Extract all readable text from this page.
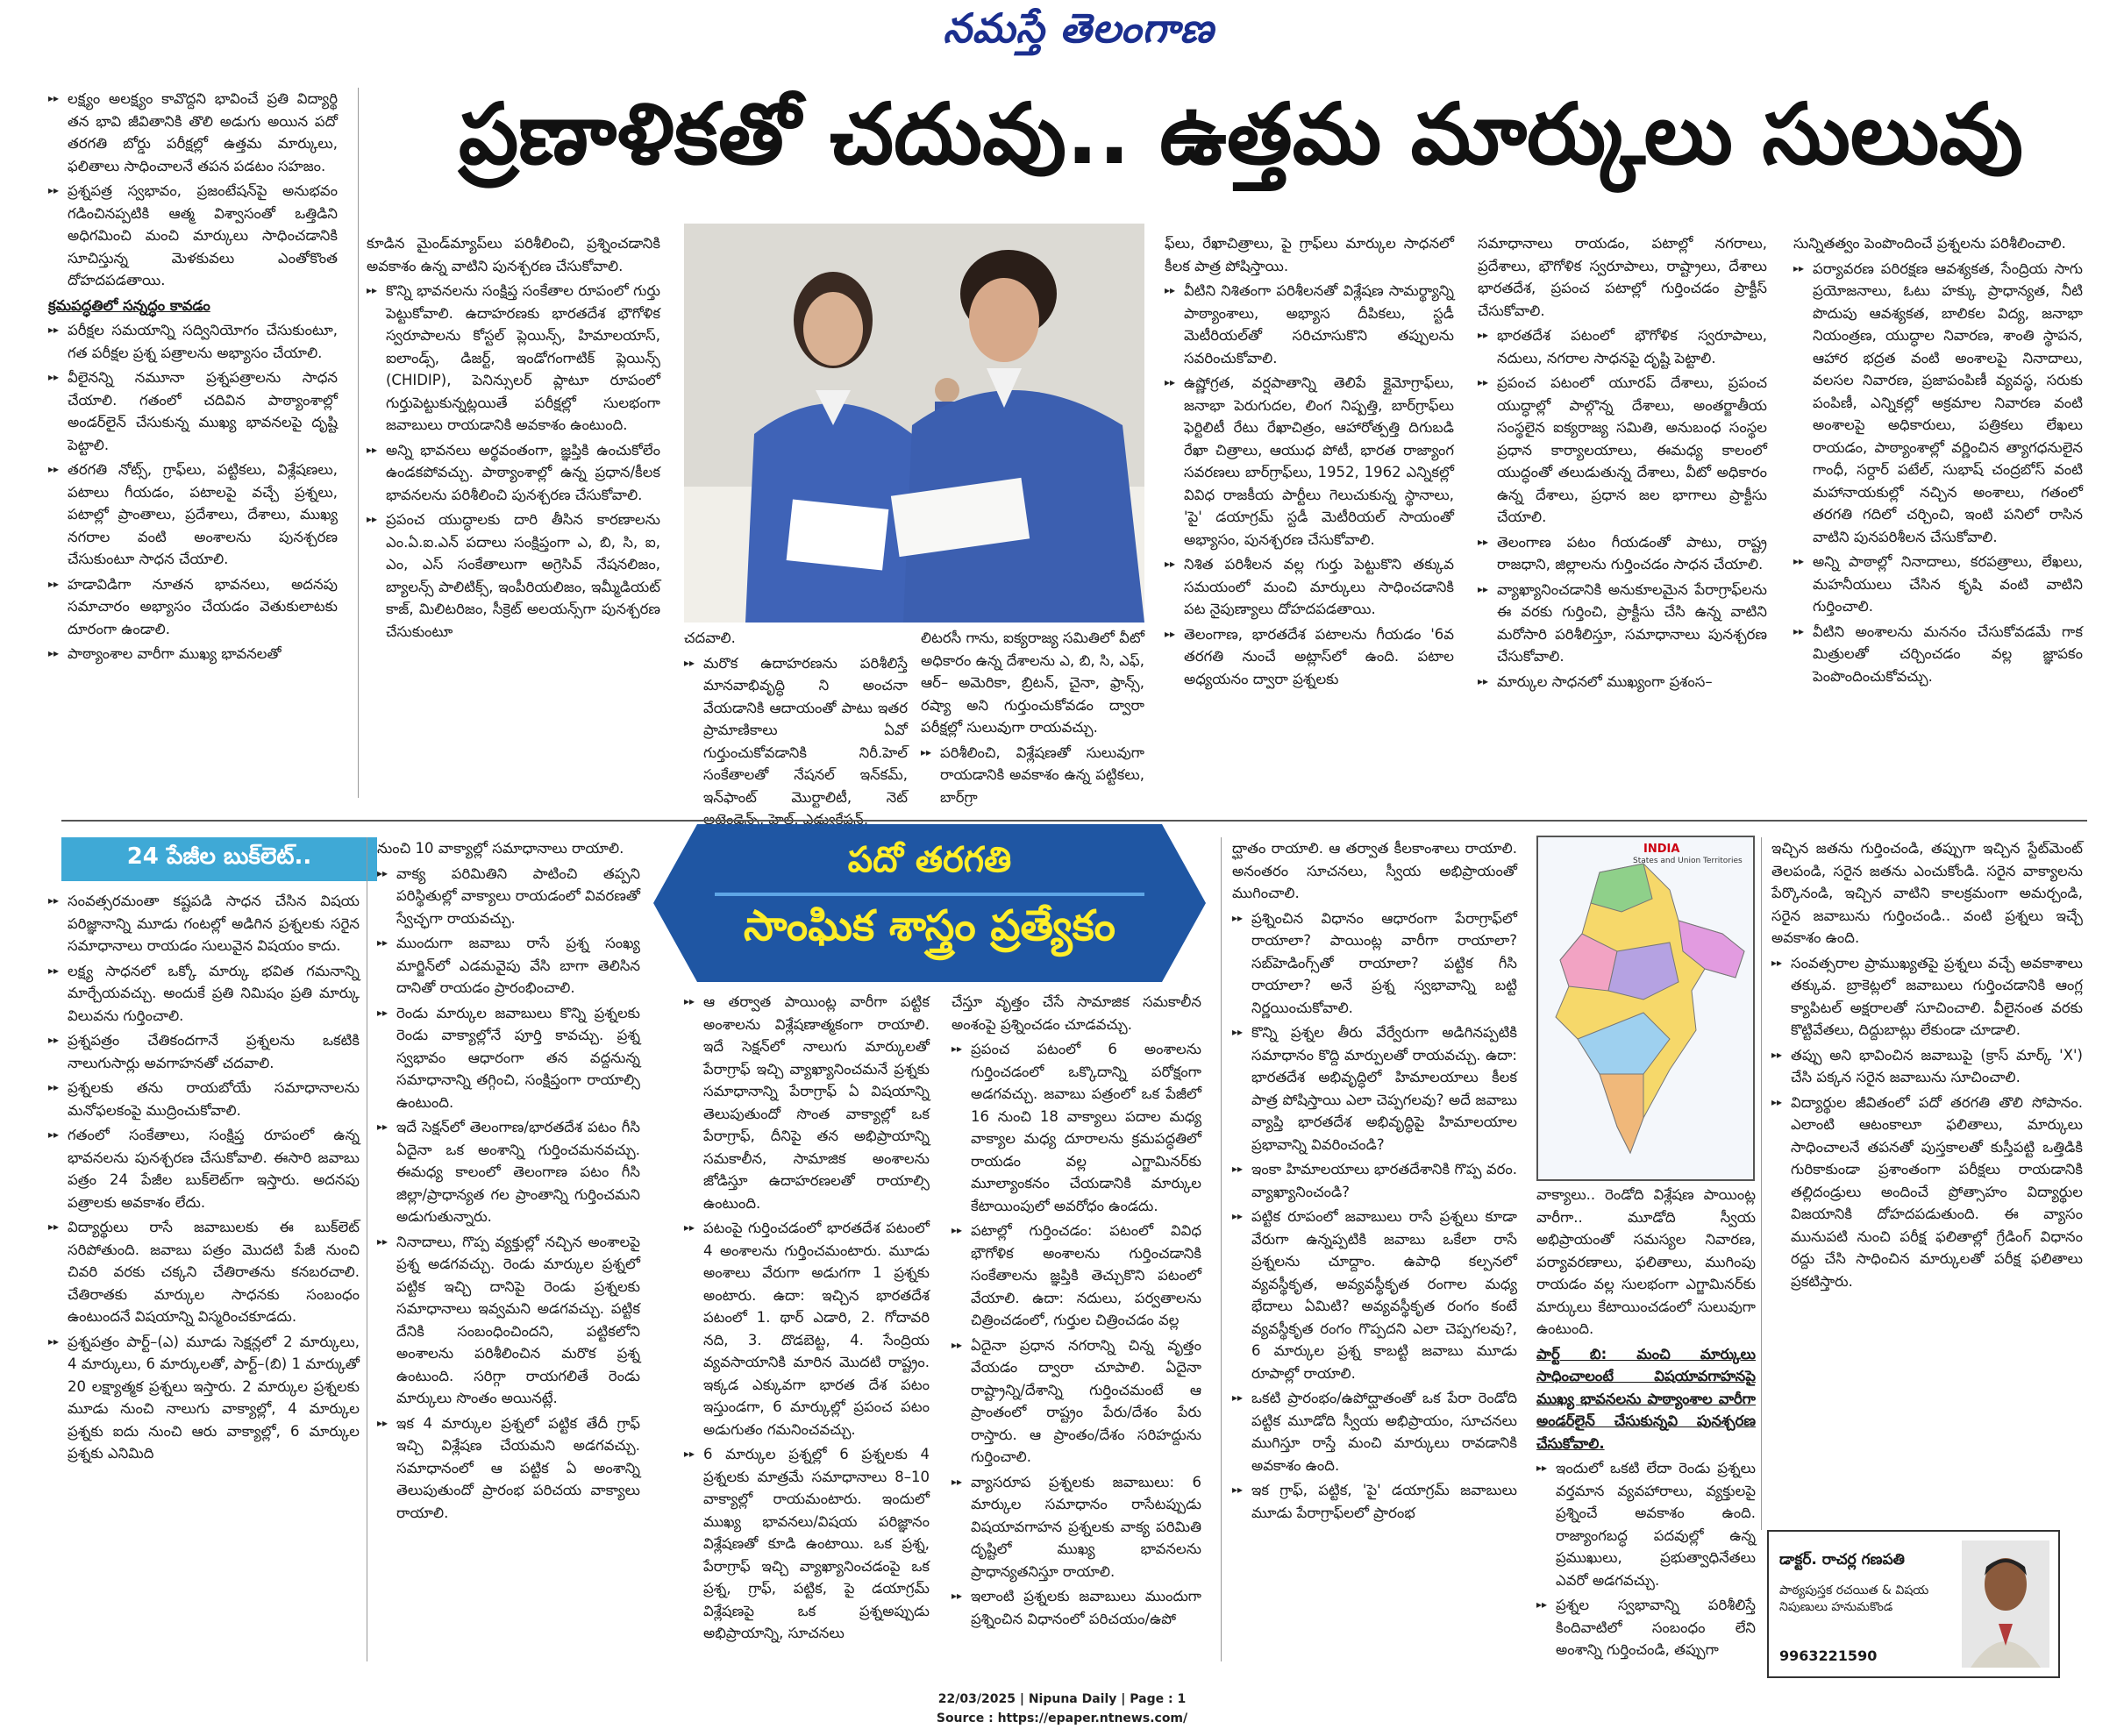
నమస్తే తెలంగాణ
ప్రణాళికతో చదువు.. ఉత్తమ మార్కులు సులువు

▸▸ లక్ష్యం అలక్ష్యం కావొద్దని భావించే ప్రతి విద్యార్థి తన భావి జీవితానికి తొలి అడుగు అయిన పదో తరగతి బోర్డు పరీక్షల్లో ఉత్తమ మార్కులు, ఫలితాలు సాధించాలనే తపన పడటం సహజం.

▸▸ ప్రశ్నపత్ర స్వభావం, ప్రజంటేషన్‌పై అనుభవం గడించినప్పటికి ఆత్మ విశ్వాసంతో ఒత్తిడిని అధిగమించి మంచి మార్కులు సాధించడానికి సూచిస్తున్న మెళకువలు ఎంతోకొంత దోహదపడతాయి.

క్రమపద్ధతిలో సన్నద్ధం కావడం

▸▸ పరీక్షల సమయాన్ని సద్వినియోగం చేసుకుంటూ, గత పరీక్షల ప్రశ్న పత్రాలను అభ్యాసం చేయాలి.

▸▸ వీలైనన్ని నమూనా ప్రశ్నపత్రాలను సాధన చేయాలి. గతంలో చదివిన పాఠ్యాంశాల్లో అండర్‌లైన్ చేసుకున్న ముఖ్య భావనలపై దృష్టి పెట్టాలి.

▸▸ తరగతి నోట్స్, గ్రాఫ్‌లు, పట్టికలు, విశ్లేషణలు, పటాలు గీయడం, పటాలపై వచ్చే ప్రశ్నలు, పటాల్లో ప్రాంతాలు, ప్రదేశాలు, దేశాలు, ముఖ్య నగరాల వంటి అంశాలను పునశ్చరణ చేసుకుంటూ సాధన చేయాలి.

▸▸ హడావిడిగా నూతన భావనలు, అదనపు సమాచారం అభ్యాసం చేయడం వెతుకులాటకు దూరంగా ఉండాలి.

▸▸ పాఠ్యాంశాల వారీగా ముఖ్య భావనలతో

కూడిన మైండ్‌మ్యాప్‌లు పరిశీలించి, ప్రశ్నించడానికి అవకాశం ఉన్న వాటిని పునశ్చరణ చేసుకోవాలి.

▸▸ కొన్ని భావనలను సంక్షిప్త సంకేతాల రూపంలో గుర్తు పెట్టుకోవాలి. ఉదాహరణకు భారతదేశ భౌగోళిక స్వరూపాలను కోస్టల్ ప్లెయిన్స్, హిమాలయాస్, ఐలాండ్స్, డిజర్ట్, ఇండోగంగాటిక్ ప్లెయిన్స్ (CHIDIP), పెనిన్సులర్ ప్లాటూ రూపంలో గుర్తుపెట్టుకున్నట్లయితే పరీక్షల్లో సులభంగా జవాబులు రాయడానికి అవకాశం ఉంటుంది.

▸▸ అన్ని భావనలు అర్థవంతంగా, జ్ఞప్తికి ఉంచుకోలేం ఉండకపోవచ్చు. పాఠ్యాంశాల్లో ఉన్న ప్రధాన/కీలక భావనలను పరిశీలించి పునశ్చరణ చేసుకోవాలి.

▸▸ ప్రపంచ యుద్ధాలకు దారి తీసిన కారణాలను ఎం.ఏ.ఐ.ఎన్ పదాలు సంక్షిప్తంగా ఎ, బి, సి, ఐ, ఎం, ఎస్ సంకేతాలుగా అగ్రెసివ్ నేషనలిజం, బ్యాలన్స్ పాలిటిక్స్, ఇంపీరియలిజం, ఇమ్మీడియట్ కాజ్, మిలిటరిజం, సీక్రెట్ అలయన్స్‌గా పునశ్చరణ చేసుకుంటూ	చదవాలి.

▸▸ మరొక ఉదాహరణను పరిశీలిస్తే మానవాభివృద్ధి ని అంచనా వేయడానికి ఆదాయంతో పాటు ఇతర ప్రామాణికాలు ఏవో గుర్తుంచుకోవడానికి నిరీ.హెల్ సంకేతాలతో నేషనల్ ఇన్‌కమ్, ఇన్‌ఫాంట్ మొర్టాలిటీ, నెట్

లిటరసీ గాను, ఐక్యరాజ్య సమితిలో వీటో అధికారం ఉన్న దేశాలను ఎ, బి, సి, ఎఫ్, ఆర్– అమెరికా, బ్రిటన్, చైనా, ఫ్రాన్స్, రష్యా అని గుర్తుంచుకోవడం ద్వారా పరీక్షల్లో సులువుగా రాయవచ్చు.

▸▸ పరిశీలించి, విశ్లేషణతో సులువుగా రాయడానికి అవకాశం ఉన్న పట్టికలు, బార్‌గ్రా

ఫ్‌లు, రేఖాచిత్రాలు, పై గ్రాఫ్‌లు మార్కుల సాధనలో కీలక పాత్ర పోషిస్తాయి.

▸▸ వీటిని నిశితంగా పరిశీలనతో విశ్లేషణ సామర్థ్యాన్ని పాఠ్యాంశాలు, అభ్యాస దీపికలు, స్టడీ మెటీరియల్‌తో సరిచూసుకొని తప్పులను సవరించుకోవాలి.

▸▸ ఉష్ణోగ్రత, వర్షపాతాన్ని తెలిపే క్లైమోగ్రాఫ్‌లు, జనాభా పెరుగుదల, లింగ నిష్పత్తి, బార్‌గ్రాఫ్‌లు ఫెర్టిలిటీ రేటు రేఖాచిత్రం, ఆహారోత్పత్తి దిగుబడి రేఖా చిత్రాలు, ఆయుధ పోటీ, భారత రాజ్యాంగ సవరణలు బార్‌గ్రాఫ్‌లు, 1952, 1962 ఎన్నికల్లో వివిధ రాజకీయ పార్టీలు గెలుచుకున్న స్థానాలు, 'పై' డయాగ్రమ్ స్టడీ మెటీరియల్ సాయంతో అభ్యాసం, పునశ్చరణ చేసుకోవాలి.

▸▸ నిశిత పరిశీలన వల్ల గుర్తు పెట్టుకొని తక్కువ సమయంలో మంచి మార్కులు సాధించడానికి పట నైపుణ్యాలు దోహదపడతాయి.

▸▸ తెలంగాణ, భారతదేశ పటాలను గీయడం '6వ తరగతి నుంచే అట్లాస్‌లో ఉంది. పటాల అధ్యయనం ద్వారా ప్రశ్నలకు

సమాధానాలు రాయడం, పటాల్లో నగరాలు, ప్రదేశాలు, భౌగోళిక స్వరూపాలు, రాష్ట్రాలు, దేశాలు భారతదేశ, ప్రపంచ పటాల్లో గుర్తించడం ప్రాక్టీస్ చేసుకోవాలి.

▸▸ భారతదేశ పటంలో భౌగోళిక స్వరూపాలు, నదులు, నగరాల సాధనపై దృష్టి పెట్టాలి.

▸▸ ప్రపంచ పటంలో యూరప్ దేశాలు, ప్రపంచ యుద్ధాల్లో పాల్గొన్న దేశాలు, అంతర్జాతీయ సంస్థలైన ఐక్యరాజ్య సమితి, అనుబంధ సంస్థల ప్రధాన కార్యాలయాలు, ఈమధ్య కాలంలో యుద్ధంతో తలుడుతున్న దేశాలు, వీటో అధికారం ఉన్న దేశాలు, ప్రధాన జల భాగాలు ప్రాక్టీసు చేయాలి.

▸▸ తెలంగాణ పటం గీయడంతో పాటు, రాష్ట్ర రాజధాని, జిల్లాలను గుర్తించడం సాధన చేయాలి.

▸▸ వ్యాఖ్యానించడానికి అనుకూలమైన పేరాగ్రాఫ్‌లను ఈ వరకు గుర్తించి, ప్రాక్టీసు చేసి ఉన్న వాటిని మరోసారి పరిశీలిస్తూ, సమాధానాలు పునశ్చరణ చేసుకోవాలి.

▸▸ మార్కుల సాధనలో ముఖ్యంగా ప్రశంస–

సున్నితత్వం పెంపొందించే ప్రశ్నలను పరిశీలించాలి.

▸▸ పర్యావరణ పరిరక్షణ ఆవశ్యకత, సేంద్రియ సాగు ప్రయోజనాలు, ఓటు హక్కు ప్రాధాన్యత, నీటి పొదుపు ఆవశ్యకత, బాలికల విద్య, జనాభా నియంత్రణ, యుద్ధాల నివారణ, శాంతి స్థాపన, ఆహార భద్రత వంటి అంశాలపై నినాదాలు, వలసల నివారణ, ప్రజాపంపిణీ వ్యవస్థ, సరుకు పంపిణీ, ఎన్నికల్లో అక్రమాల నివారణ వంటి అంశాలపై అధికారులు, పత్రికలు లేఖలు రాయడం, పాఠ్యాంశాల్లో వర్ణించిన త్యాగధనులైన గాంధీ, సర్దార్ పటేల్, సుభాష్ చంద్రబోస్ వంటి మహానాయకుల్లో నచ్చిన అంశాలు, గతంలో తరగతి గదిలో చర్చించి, ఇంటి పనిలో రాసిన వాటిని పునపరిశీలన చేసుకోవాలి.

▸▸ అన్ని పాఠాల్లో నినాదాలు, కరపత్రాలు, లేఖలు, మహనీయులు చేసిన కృషి వంటి వాటిని గుర్తించాలి.

▸▸ వీటిని అంశాలను మననం చేసుకోవడమే గాక మిత్రులతో చర్చించడం వల్ల జ్ఞాపకం పెంపొందించుకోవచ్చు.

24 పేజీల బుక్‌లెట్..	పదో తరగతి
సాంఘిక శాస్త్రం ప్రత్యేకం

▸▸ సంవత్సరమంతా కష్టపడి సాధన చేసిన విషయ పరిజ్ఞానాన్ని మూడు గంటల్లో అడిగిన ప్రశ్నలకు సరైన సమాధానాలు రాయడం సులువైన విషయం కాదు.

▸▸ లక్ష్య సాధనలో ఒక్కో మార్కు భవిత గమనాన్ని మార్చేయవచ్చు. అందుకే ప్రతి నిమిషం ప్రతి మార్కు విలువను గుర్తించాలి.

▸▸ ప్రశ్నపత్రం చేతికందగానే ప్రశ్నలను ఒకటికి నాలుగుసార్లు అవగాహనతో చదవాలి.

▸▸ ప్రశ్నలకు తను రాయబోయే సమాధానాలను మనోఫలకంపై ముద్రించుకోవాలి.

▸▸ గతంలో సంకేతాలు, సంక్షిప్త రూపంలో ఉన్న భావనలను పునశ్చరణ చేసుకోవాలి. ఈసారి జవాబు పత్రం 24 పేజీల బుక్‌లెట్‌గా ఇస్తారు. అదనపు పత్రాలకు అవకాశం లేదు.

▸▸ విద్యార్థులు రాసే జవాబులకు ఈ బుక్‌లెట్ సరిపోతుంది. జవాబు పత్రం మొదటి పేజీ నుంచి చివరి వరకు చక్కని చేతిరాతను కనబరచాలి. చేతిరాతకు మార్కుల సాధనకు సంబంధం ఉంటుందనే విషయాన్ని విస్మరించకూడదు.

▸▸ ప్రశ్నపత్రం పార్ట్–(ఎ) మూడు సెక్షన్లలో 2 మార్కులు, 4 మార్కులు, 6 మార్కులతో, పార్ట్–(బి) 1 మార్కుతో 20 లక్ష్యాత్మక ప్రశ్నలు ఇస్తారు. 2 మార్కుల ప్రశ్నలకు మూడు నుంచి నాలుగు వాక్యాల్లో, 4 మార్కుల ప్రశ్నకు ఐదు నుంచి ఆరు వాక్యాల్లో, 6 మార్కుల ప్రశ్నకు ఎనిమిది

నుంచి 10 వాక్యాల్లో సమాధానాలు రాయాలి.

▸▸ వాక్య పరిమితిని పాటించి తప్పని పరిస్థితుల్లో వాక్యాలు రాయడంలో వివరణతో స్వేచ్ఛగా రాయవచ్చు.

▸▸ ముందుగా జవాబు రాసే ప్రశ్న సంఖ్య మార్జిన్‌లో ఎడమవైపు వేసి బాగా తెలిసిన దానితో రాయడం ప్రారంభించాలి.

▸▸ రెండు మార్కుల జవాబులు కొన్ని ప్రశ్నలకు రెండు వాక్యాల్లోనే పూర్తి కావచ్చు. ప్రశ్న స్వభావం ఆధారంగా తన వద్దనున్న సమాధానాన్ని తగ్గించి, సంక్షిప్తంగా రాయాల్సి ఉంటుంది.

▸▸ ఇదే సెక్షన్‌లో తెలంగాణ/భారతదేశ పటం గీసి ఏదైనా ఒక అంశాన్ని గుర్తించమనవచ్చు. ఈమధ్య కాలంలో తెలంగాణ పటం గీసి జిల్లా/ప్రాధాన్యత గల ప్రాంతాన్ని గుర్తించమని అడుగుతున్నారు.

▸▸ నినాదాలు, గొప్ప వ్యక్తుల్లో నచ్చిన అంశాలపై ప్రశ్న అడగవచ్చు. రెండు మార్కుల ప్రశ్నలో పట్టిక ఇచ్చి దానిపై రెండు ప్రశ్నలకు సమాధానాలు ఇవ్వమని అడగవచ్చు. పట్టిక దేనికి సంబంధించిందని, పట్టికలోని అంశాలను పరిశీలించిన మరొక ప్రశ్న ఉంటుంది. సరిగ్గా రాయగలితే రెండు మార్కులు సొంతం అయినట్లే.

▸▸ ఇక 4 మార్కుల ప్రశ్నలో పట్టిక తేదీ గ్రాఫ్ ఇచ్చి విశ్లేషణ చేయమని అడగవచ్చు. సమాధానంలో ఆ పట్టిక ఏ అంశాన్ని తెలుపుతుందో ప్రారంభ పరిచయ వాక్యాలు రాయాలి.

▸▸ ఆ తర్వాత పాయింట్ల వారీగా పట్టిక అంశాలను విశ్లేషణాత్మకంగా రాయాలి. ఇదే సెక్షన్‌లో నాలుగు మార్కులతో పేరాగ్రాఫ్ ఇచ్చి వ్యాఖ్యానించమనే ప్రశ్నకు సమాధానాన్ని పేరాగ్రాఫ్ ఏ విషయాన్ని తెలుపుతుందో సొంత వాక్యాల్లో ఒక పేరాగ్రాఫ్, దీనిపై తన అభిప్రాయాన్ని సమకాలీన, సామాజిక అంశాలను జోడిస్తూ ఉదాహరణలతో రాయాల్సి ఉంటుంది.

▸▸ పటంపై గుర్తించడంలో భారతదేశ పటంలో 4 అంశాలను గుర్తించమంటారు. మూడు అంశాలు వేరుగా అడుగగా 1 ప్రశ్నకు అంటారు. ఉదా: ఇచ్చిన భారతదేశ పటంలో 1. థార్ ఎడారి, 2. గోదావరి నది, 3. దొడబెట్ట, 4. సేంద్రియ వ్యవసాయానికి మారిన మొదటి రాష్ట్రం. ఇక్కడ ఎక్కువగా భారత దేశ పటం ఇస్తుండగా, 6 మార్కుల్లో ప్రపంచ పటం అడుగుతం గమనించవచ్చు.

▸▸ 6 మార్కుల ప్రశ్నల్లో 6 ప్రశ్నలకు 4 ప్రశ్నలకు మాత్రమే సమాధానాలు 8–10 వాక్యాల్లో రాయమంటారు. ఇందులో ముఖ్య భావనలు/విషయ పరిజ్ఞానం విశ్లేషణతో కూడి ఉంటాయి. ఒక ప్రశ్న, పేరాగ్రాఫ్ ఇచ్చి వ్యాఖ్యానించడంపై ఒక ప్రశ్న, గ్రాఫ్, పట్టిక, పై డయాగ్రమ్ విశ్లేషణపై ఒక ప్రశ్నఅప్పుడు అభిప్రాయాన్ని, సూచనలు

చేస్తూ వృత్తం చేసే సామాజిక సమకాలీన అంశంపై ప్రశ్నించడం చూడవచ్చు.

▸▸ ప్రపంచ పటంలో 6 అంశాలను గుర్తించడంలో ఒక్కొదాన్ని పరోక్షంగా అడగవచ్చు. జవాబు పత్రంలో ఒక పేజీలో 16 నుంచి 18 వాక్యాలు పదాల మధ్య వాక్యాల మధ్య దూరాలను క్రమపద్ధతిలో రాయడం వల్ల ఎగ్జామినర్‌కు మూల్యాంకనం చేయడానికి మార్కుల కేటాయింపులో అవరోధం ఉండదు.

▸▸ పటాల్లో గుర్తించడం: పటంలో వివిధ భౌగోళిక అంశాలను గుర్తించడానికి సంకేతాలను జ్ఞప్తికి తెచ్చుకొని పటంలో వేయాలి. ఉదా: నదులు, పర్వతాలను చిత్రించడంలో, గుర్తుల చిత్రించడం వల్ల

▸▸ ఏదైనా ప్రధాన నగరాన్ని చిన్న వృత్తం వేయడం ద్వారా చూపాలి. ఏదైనా రాష్ట్రాన్ని/దేశాన్ని గుర్తించమంటే ఆ ప్రాంతంలో రాష్ట్రం పేరు/దేశం పేరు రాస్తారు. ఆ ప్రాంతం/దేశం సరిహద్దును గుర్తించాలి.

▸▸ వ్యాసరూప ప్రశ్నలకు జవాబులు: 6 మార్కుల సమాధానం రాసేటప్పుడు విషయావగాహన ప్రశ్నలకు వాక్య పరిమితి దృష్టిలో ముఖ్య భావనలను ప్రాధాన్యతనిస్తూ రాయాలి.

▸▸ ఇలాంటి ప్రశ్నలకు జవాబులు ముందుగా ప్రశ్నించిన విధానంలో పరిచయం/ఉపో

ద్ఘాతం రాయాలి. ఆ తర్వాత కీలకాంశాలు రాయాలి. అనంతరం సూచనలు, స్వీయ అభిప్రాయంతో ముగించాలి.

▸▸ ప్రశ్నించిన విధానం ఆధారంగా పేరాగ్రాఫ్‌లో రాయాలా? పాయింట్ల వారీగా రాయాలా? సబ్‌హెడింగ్స్‌తో రాయాలా? పట్టిక గీసి రాయాలా? అనే ప్రశ్న స్వభావాన్ని బట్టి నిర్ణయించుకోవాలి.

▸▸ కొన్ని ప్రశ్నల తీరు వేర్వేరుగా అడిగినప్పటికి సమాధానం కొద్ది మార్పులతో రాయవచ్చు. ఉదా: భారతదేశ అభివృద్ధిలో హిమాలయాలు కీలక పాత్ర పోషిస్తాయి ఎలా చెప్పగలవు? అదే జవాబు వ్యాప్తి భారతదేశ అభివృద్ధిపై హిమాలయాల ప్రభావాన్ని వివరించండి?

▸▸ ఇంకా హిమాలయాలు భారతదేశానికి గొప్ప వరం. వ్యాఖ్యానించండి?

▸▸ పట్టిక రూపంలో జవాబులు రాసే ప్రశ్నలు కూడా వేరుగా ఉన్నప్పటికి జవాబు ఒకేలా రాసే ప్రశ్నలను చూద్దాం. ఉపాధి కల్పనలో వ్యవస్థీకృత, అవ్యవస్థీకృత రంగాల మధ్య భేదాలు ఏమిటి? అవ్యవస్థీకృత రంగం కంటే వ్యవస్థీకృత రంగం గొప్పదని ఎలా చెప్పగలవు?, 6 మార్కుల ప్రశ్న కాబట్టి జవాబు మూడు రూపాల్లో రాయాలి.

▸▸ ఒకటి ప్రారంభం/ఉపోద్ఘాతంతో ఒక పేరా రెండోది పట్టిక మూడోది స్వీయ అభిప్రాయం, సూచనలు ముగిస్తూ రాస్తే మంచి మార్కులు రావడానికి అవకాశం ఉంది.

▸▸ ఇక గ్రాఫ్, పట్టిక, 'పై' డయాగ్రమ్ జవాబులు మూడు పేరాగ్రాఫ్‌లలో ప్రారంభ

INDIA
States and Union Territories

వాక్యాలు.. రెండోది విశ్లేషణ పాయింట్ల వారీగా.. మూడోది స్వీయ అభిప్రాయంతో సమస్యల నివారణ, పర్యావరణాలు, ఫలితాలు, ముగింపు రాయడం వల్ల సులభంగా ఎగ్జామినర్‌కు మార్కులు కేటాయించడంలో సులువుగా ఉంటుంది.

పార్ట్ బి: మంచి మార్కులు సాధించాలంటే విషయావగాహనపై ముఖ్య భావనలను పాఠ్యాంశాల వారీగా అండర్‌లైన్ చేసుకున్నవి పునశ్చరణ చేసుకోవాలి.

▸▸ ఇందులో ఒకటి లేదా రెండు ప్రశ్నలు వర్తమాన వ్యవహారాలు, వ్యక్తులపై ప్రశ్నించే అవకాశం ఉంది. రాజ్యాంగబద్ధ పదవుల్లో ఉన్న ప్రముఖులు, ప్రభుత్వాధినేతలు ఎవరో అడగవచ్చు.

▸▸ ప్రశ్నల స్వభావాన్ని పరిశీలిస్తే కిందివాటిలో సంబంధం లేని అంశాన్ని గుర్తించండి, తప్పుగా

ఇచ్చిన జతను గుర్తించండి, తప్పుగా ఇచ్చిన స్టేట్‌మెంట్ తెలపండి, సరైన జతను ఎంచుకోండి. సరైన వాక్యాలను పేర్కొనండి, ఇచ్చిన వాటిని కాలక్రమంగా అమర్చండి, సరైన జవాబును గుర్తించండి.. వంటి ప్రశ్నలు ఇచ్చే అవకాశం ఉంది.

▸▸ సంవత్సరాల ప్రాముఖ్యతపై ప్రశ్నలు వచ్చే అవకాశాలు తక్కువ. బ్రాకెట్లలో జవాబులు గుర్తించడానికి ఆంగ్ల క్యాపిటల్ అక్షరాలతో సూచించాలి. వీలైనంత వరకు కొట్టివేతలు, దిద్దుబాట్లు లేకుండా చూడాలి.

▸▸ తప్పు అని భావించిన జవాబుపై (క్రాస్ మార్క్ 'X') చేసి పక్కన సరైన జవాబును సూచించాలి.

▸▸ విద్యార్థుల జీవితంలో పదో తరగతి తొలి సోపానం. ఎలాంటి ఆటంకాలూ ఫలితాలు, మార్కులు సాధించాలనే తపనతో పుస్తకాలతో కుస్తీపట్టి ఒత్తిడికి గురికాకుండా ప్రశాంతంగా పరీక్షలు రాయడానికి తల్లిదండ్రులు అందించే ప్రోత్సాహం విద్యార్థుల విజయానికి దోహదపడుతుంది. ఈ వ్యాసం మునుపటి నుంచి పరీక్ష ఫలితాల్లో గ్రేడింగ్ విధానం రద్దు చేసి సాధించిన మార్కులతో పరీక్ష ఫలితాలు ప్రకటిస్తారు.

డాక్టర్. రాచర్ల గణపతి
పాఠ్యపుస్తక రచయిత & విషయ నిపుణులు హనుమకొండ
9963221590
22/03/2025 | Nipuna Daily | Page : 1
Source : https://epaper.ntnews.com/
